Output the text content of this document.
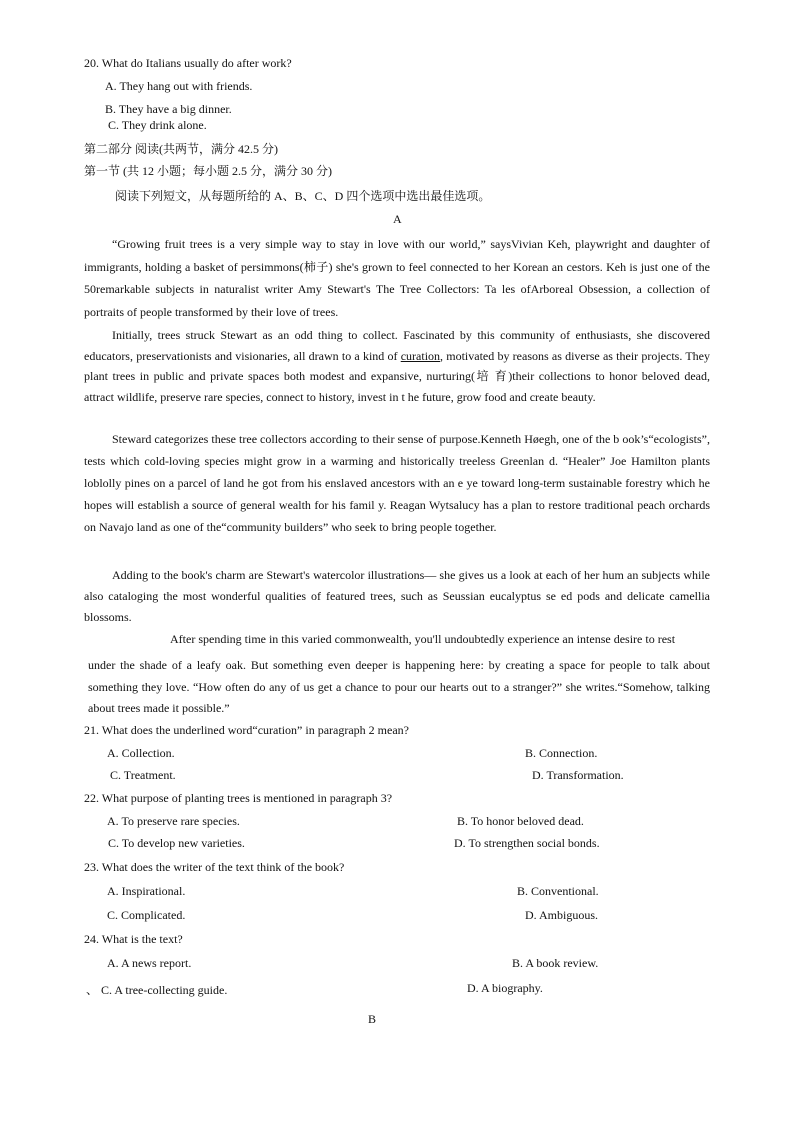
20. What do Italians usually do after work?
A. They hang out with friends.
B. They have a big dinner.
C. They drink alone.
第二部分 阅读(共两节，满分 42.5 分)
第一节 (共 12 小题；每小题 2.5 分，满分 30 分)
阅读下列短文，从每题所给的 A、B、C、D 四个选项中选出最佳选项。
A
“Growing fruit trees is a very simple way to stay in love with our world,” saysVivian Keh, playwright and daughter of immigrants, holding a basket of persimmons(柿子) she's grown to feel connected to her Korean an cestors. Keh is just one of the 50remarkable subjects in naturalist writer Amy Stewart's The Tree Collectors: Ta les ofArboreal Obsession, a collection of portraits of people transformed by their love of trees.
Initially, trees struck Stewart as an odd thing to collect. Fascinated by this community of enthusiasts, she discovered educators, preservationists and visionaries, all drawn to a kind of curation, motivated by reasons as diverse as their projects. They plant trees in public and private spaces both modest and expansive, nurturing(培 育)their collections to honor beloved dead, attract wildlife, preserve rare species, connect to history, invest in t he future, grow food and create beauty.
Steward categorizes these tree collectors according to their sense of purpose.Kenneth Høegh, one of the b ook’s“ecologists”, tests which cold-loving species might grow in a warming and historically treeless Greenlan d. “Healer” Joe Hamilton plants loblolly pines on a parcel of land he got from his enslaved ancestors with an e ye toward long-term sustainable forestry which he hopes will establish a source of general wealth for his famil y. Reagan Wytsalucy has a plan to restore traditional peach orchards on Navajo land as one of the“community builders” who seek to bring people together.
Adding to the book's charm are Stewart's watercolor illustrations— she gives us a look at each of her hum an subjects while also cataloging the most wonderful qualities of featured trees, such as Seussian eucalyptus se ed pods and delicate camellia blossoms.
After spending time in this varied commonwealth, you'll undoubtedly experience an intense desire to rest
under the shade of a leafy oak. But something even deeper is happening here: by creating a space for people to talk about something they love. “How often do any of us get a chance to pour our hearts out to a stranger?” she writes.“Somehow, talking about trees made it possible.”
21. What does the underlined word“curation” in paragraph 2 mean?
A. Collection.	B. Connection.
C. Treatment.	D. Transformation.
22. What purpose of planting trees is mentioned in paragraph 3?
A. To preserve rare species.	B. To honor beloved dead.
C. To develop new varieties.	D. To strengthen social bonds.
23. What does the writer of the text think of the book?
A. Inspirational.	B. Conventional.
C. Complicated.	D. Ambiguous.
24. What is the text?
A. A news report.	B. A book review.
、 C. A tree-collecting guide.	D. A biography.
B
